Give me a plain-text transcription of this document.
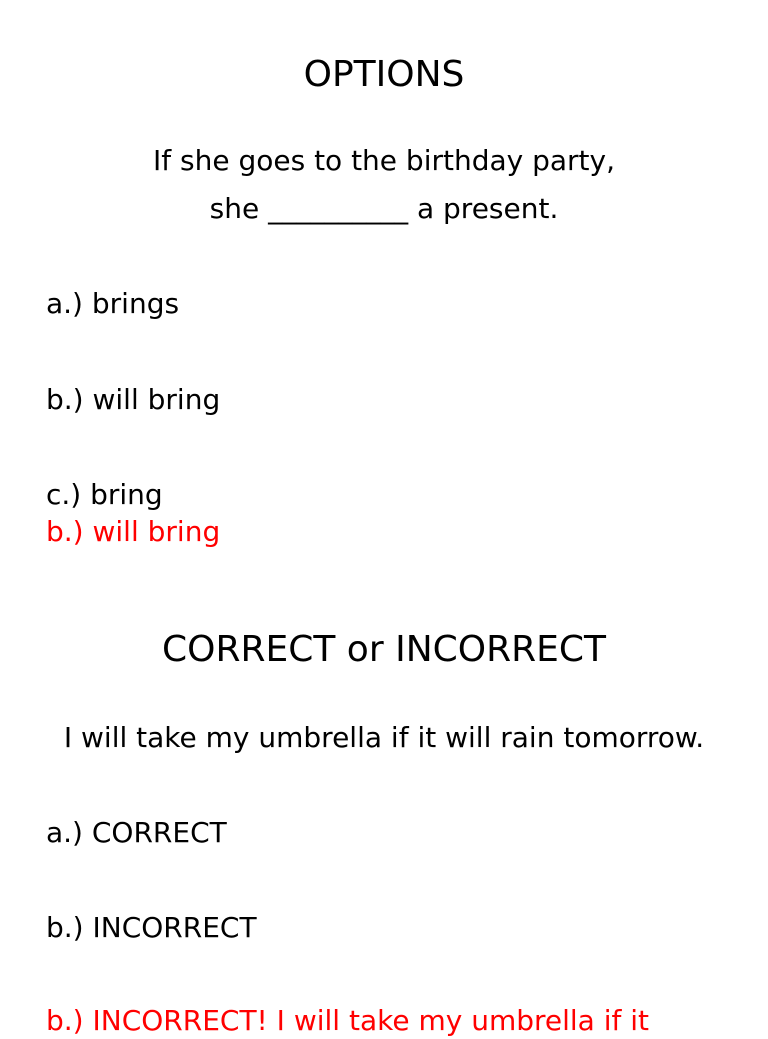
OPTIONS
If she goes to the birthday party,
she __________ a present.
a.) brings
b.) will bring
c.) bring
b.) will bring
CORRECT or INCORRECT
I will take my umbrella if it will rain tomorrow.
a.) CORRECT
b.) INCORRECT
b.) INCORRECT! I will take my umbrella if it
